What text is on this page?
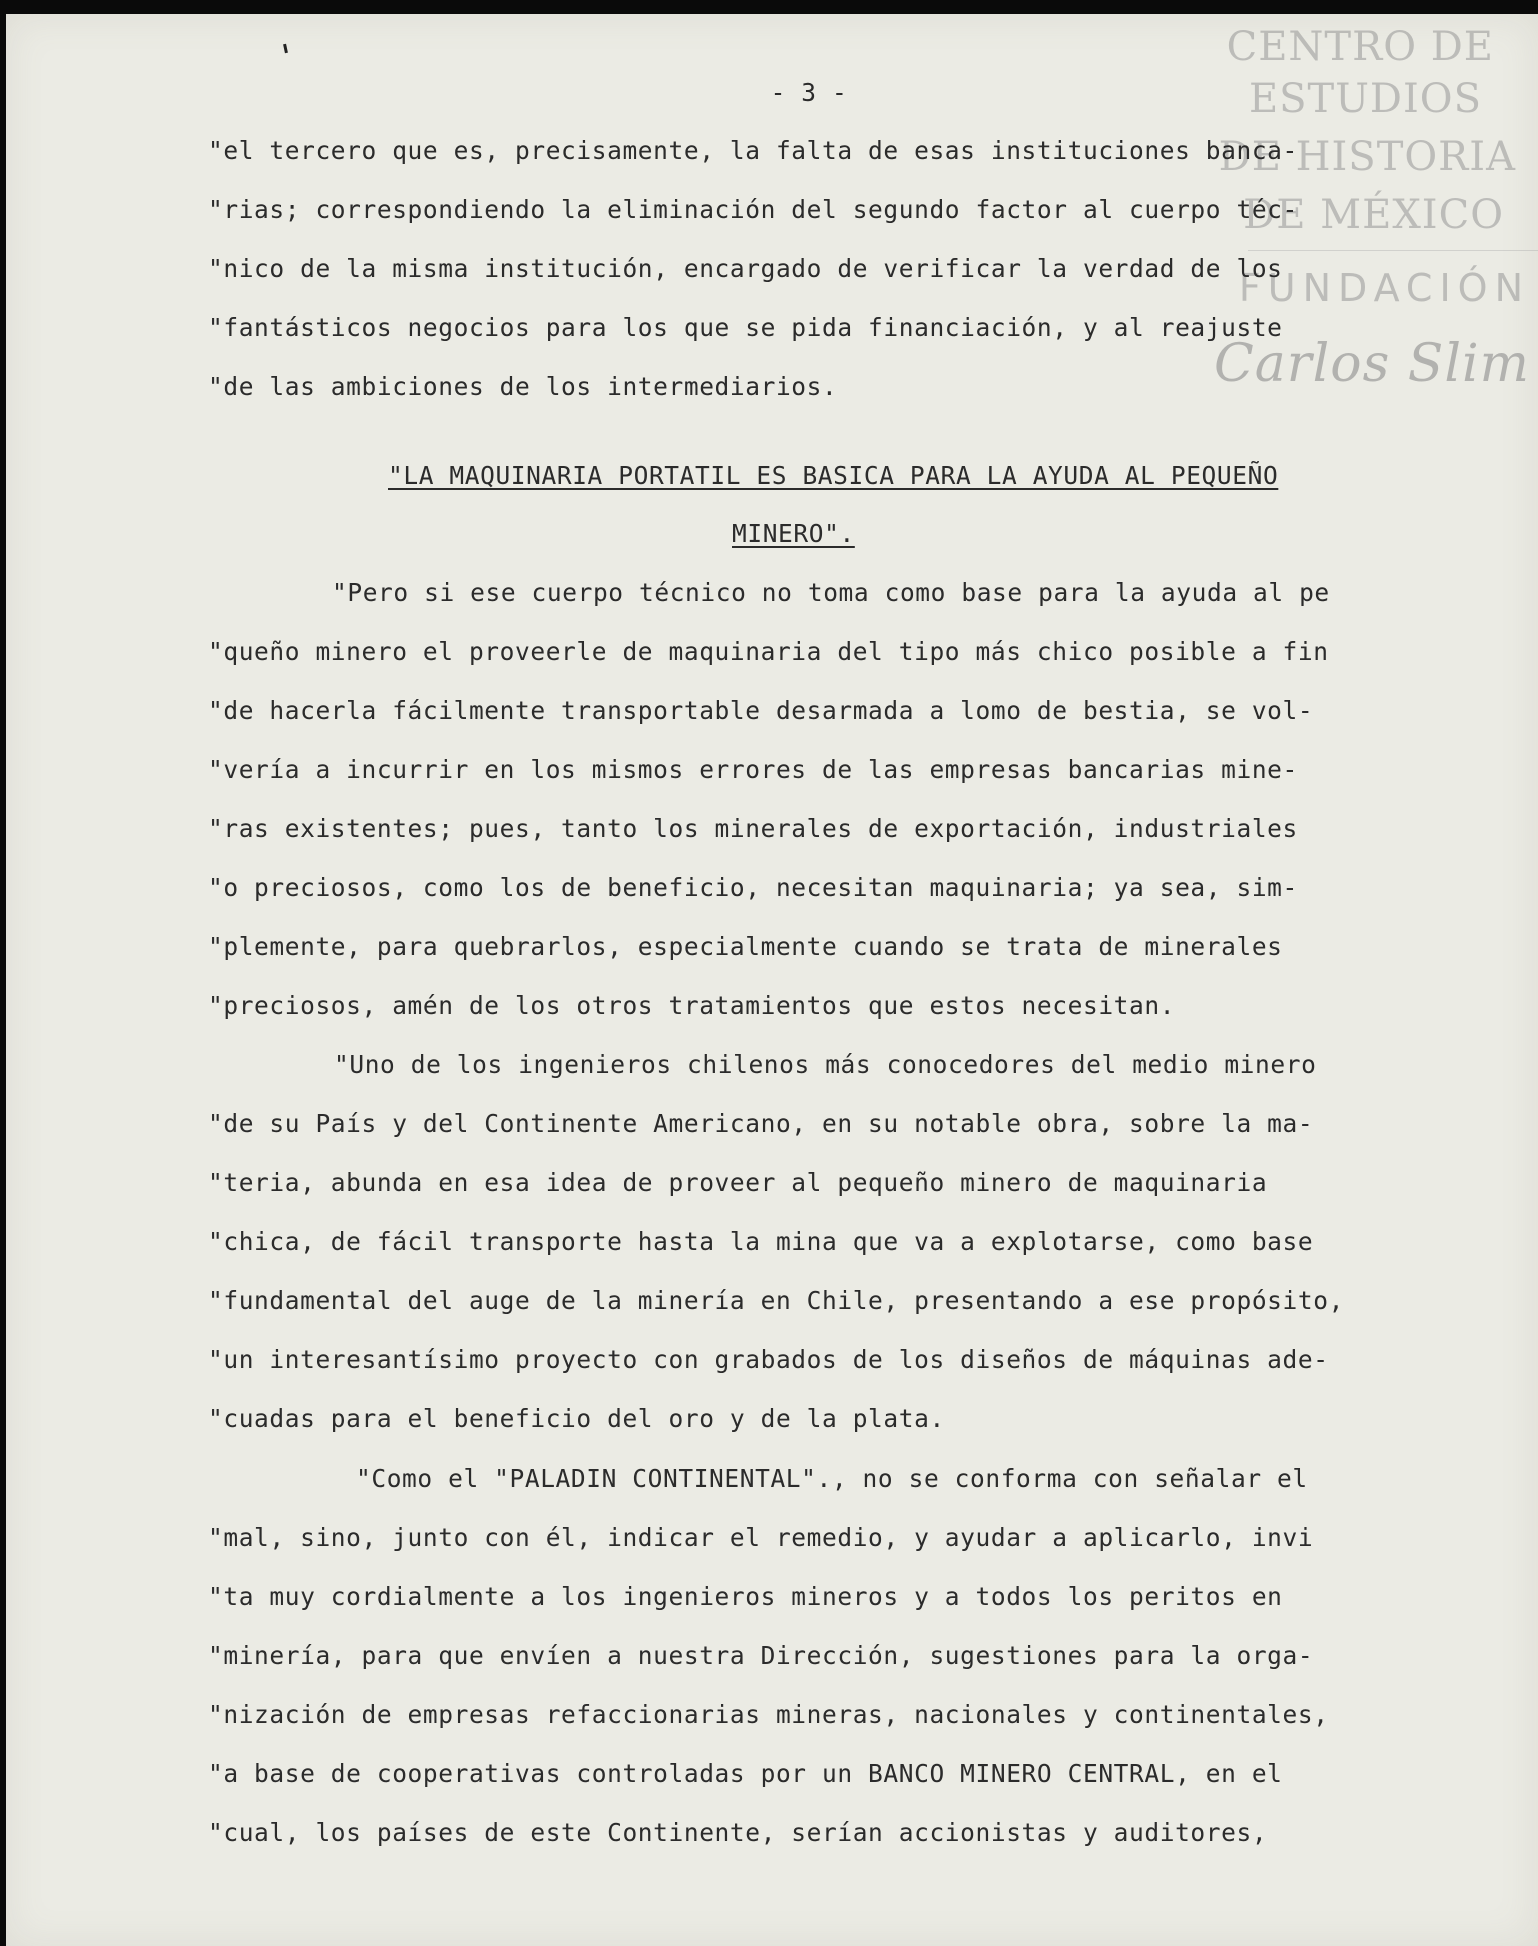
CENTRO DE
ESTUDIOS
DE HISTORIA
DE MÉXICO
FUNDACIÓN
Carlos Slim
- 3 -
"el tercero que es, precisamente, la falta de esas instituciones banca-
"rias; correspondiendo la eliminación del segundo factor al cuerpo téc-
"nico de la misma institución, encargado de verificar la verdad de los
"fantásticos negocios para los que se pida financiación, y al reajuste
"de las ambiciones de los intermediarios.
"LA MAQUINARIA PORTATIL ES BASICA PARA LA AYUDA AL PEQUEÑO
MINERO".
"Pero si ese cuerpo técnico no toma como base para la ayuda al pe
"queño minero el proveerle de maquinaria del tipo más chico posible a fin
"de hacerla fácilmente transportable desarmada a lomo de bestia, se vol-
"vería a incurrir en los mismos errores de las empresas bancarias mine-
"ras existentes; pues, tanto los minerales de exportación, industriales
"o preciosos, como los de beneficio, necesitan maquinaria; ya sea, sim-
"plemente, para quebrarlos, especialmente cuando se trata de minerales
"preciosos, amén de los otros tratamientos que estos necesitan.
"Uno de los ingenieros chilenos más conocedores del medio minero
"de su País y del Continente Americano, en su notable obra, sobre la ma-
"teria, abunda en esa idea de proveer al pequeño minero de maquinaria
"chica, de fácil transporte hasta la mina que va a explotarse, como base
"fundamental del auge de la minería en Chile, presentando a ese propósito,
"un interesantísimo proyecto con grabados de los diseños de máquinas ade-
"cuadas para el beneficio del oro y de la plata.
"Como el "PALADIN CONTINENTAL"., no se conforma con señalar el
"mal, sino, junto con él, indicar el remedio, y ayudar a aplicarlo, invi
"ta muy cordialmente a los ingenieros mineros y a todos los peritos en
"minería, para que envíen a nuestra Dirección, sugestiones para la orga-
"nización de empresas refaccionarias mineras, nacionales y continentales,
"a base de cooperativas controladas por un BANCO MINERO CENTRAL, en el
"cual, los países de este Continente, serían accionistas y auditores,
